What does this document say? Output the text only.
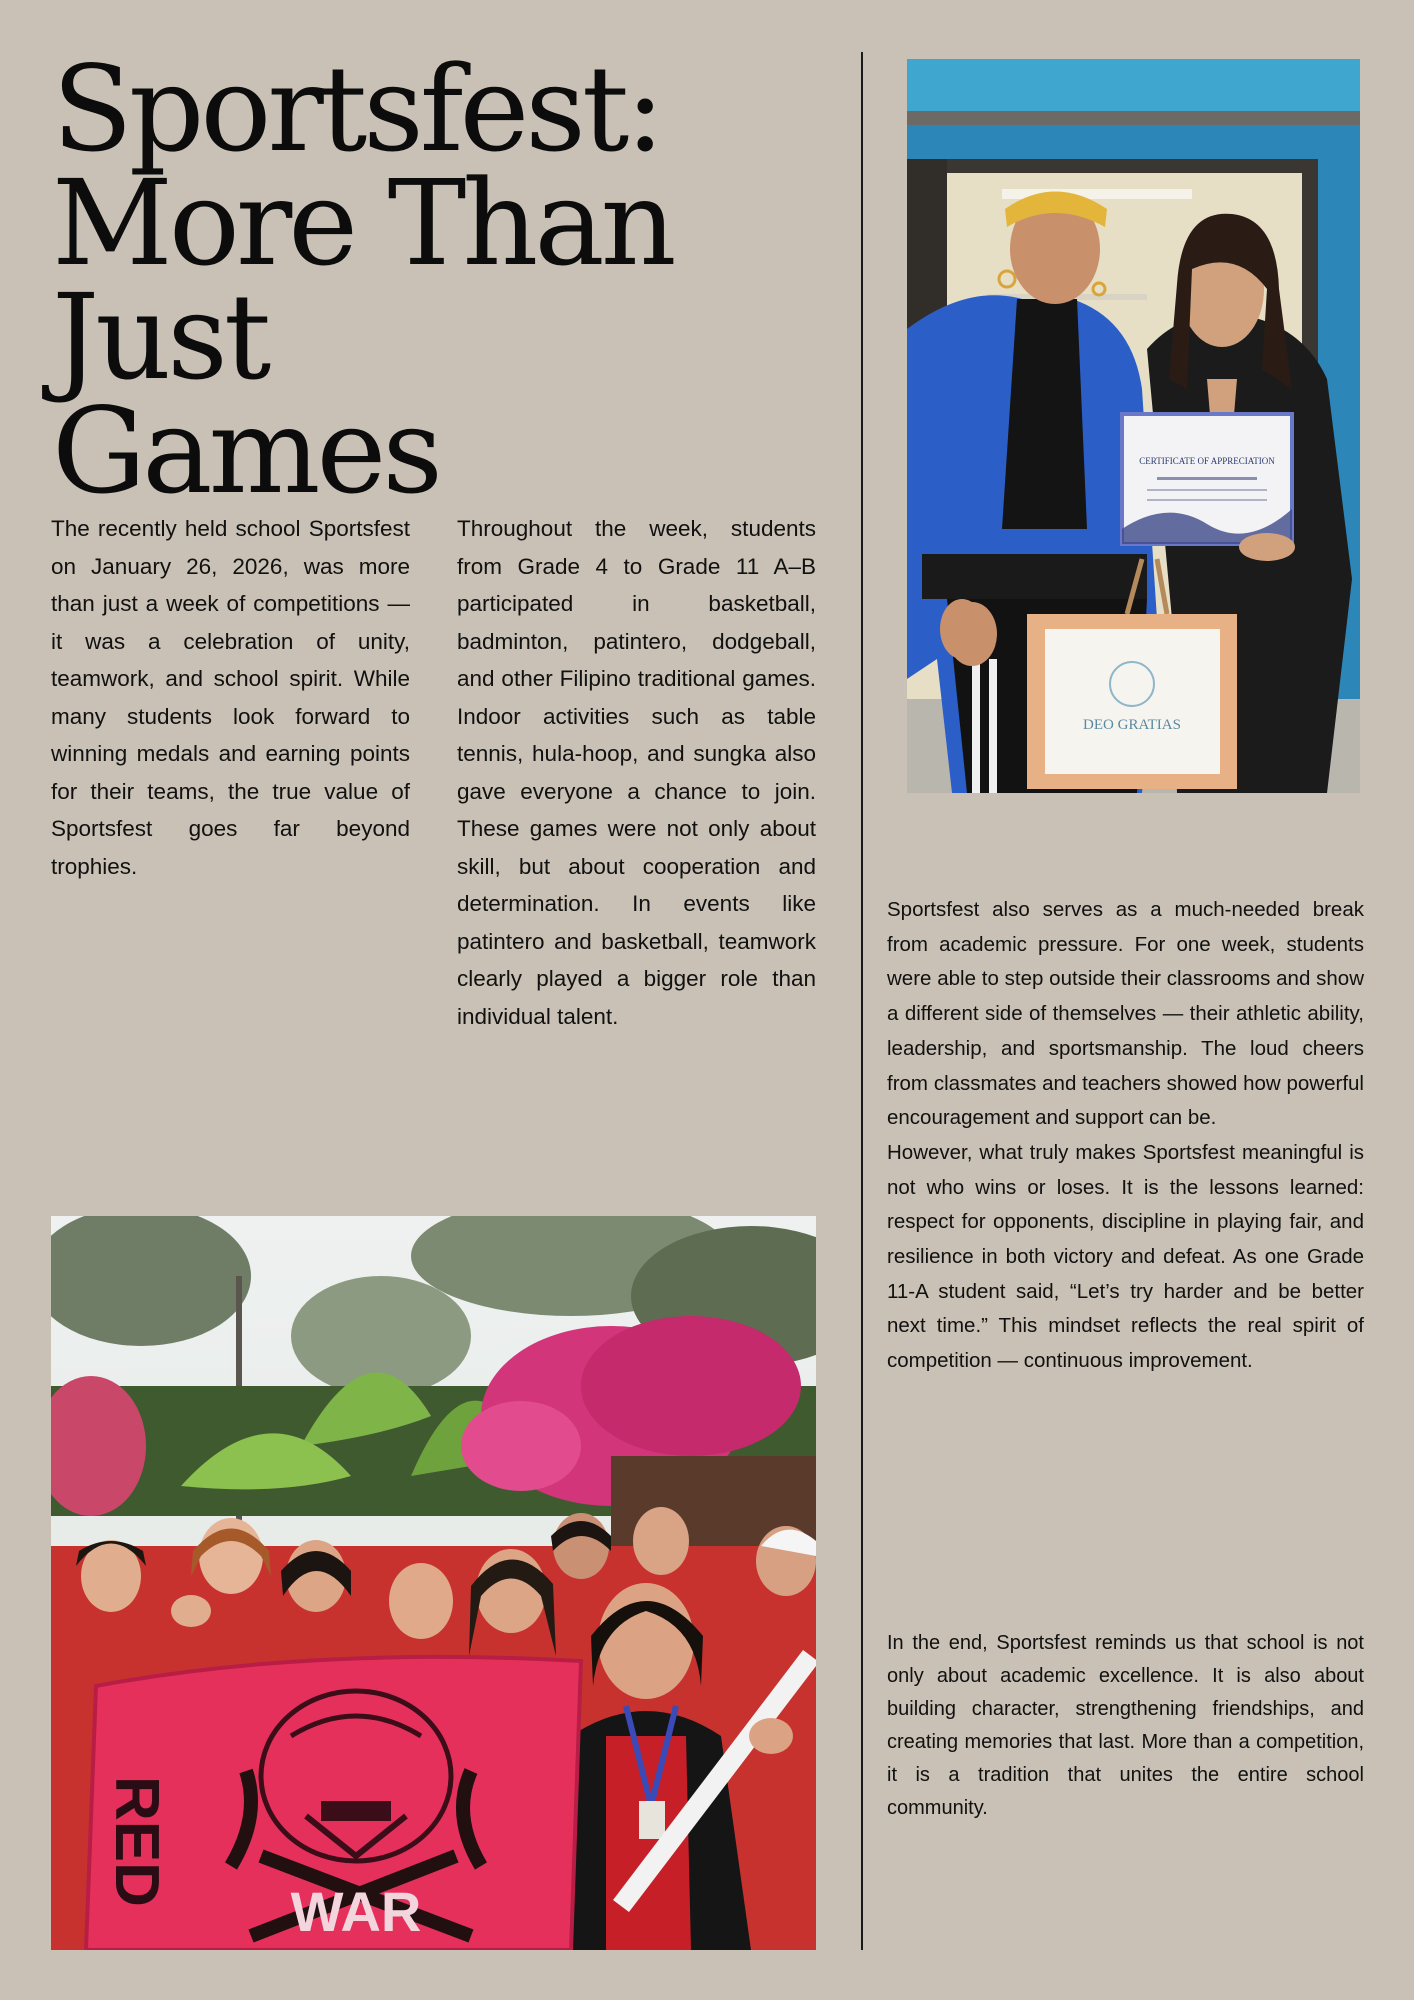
Sportsfest:
More Than Just
Games

The recently held school Sportsfest on January 26, 2026, was more than just a week of competitions — it was a celebration of unity, teamwork, and school spirit. While many students look forward to winning medals and earning points for their teams, the true value of Sportsfest goes far beyond trophies.

Throughout the week, students from Grade 4 to Grade 11 A–B participated in basketball, badminton, patintero, dodgeball, and other Filipino traditional games. Indoor activities such as table tennis, hula-hoop, and sungka also gave everyone a chance to join. These games were not only about skill, but about cooperation and determination. In events like patintero and basketball, teamwork clearly played a bigger role than individual talent.

CERTIFICATE OF APPRECIATION
DEO GRATIAS

Sportsfest also serves as a much-needed break from academic pressure. For one week, students were able to step outside their classrooms and show a different side of themselves — their athletic ability, leadership, and sportsmanship. The loud cheers from classmates and teachers showed how powerful encouragement and support can be.
However, what truly makes Sportsfest meaningful is not who wins or loses. It is the lessons learned: respect for opponents, discipline in playing fair, and resilience in both victory and defeat. As one Grade 11-A student said, “Let’s try harder and be better next time.” This mindset reflects the real spirit of competition — continuous improvement.

In the end, Sportsfest reminds us that school is not only about academic excellence. It is also about building character, strengthening friendships, and creating memories that last. More than a competition, it is a tradition that unites the entire school community.

RED
WAR
